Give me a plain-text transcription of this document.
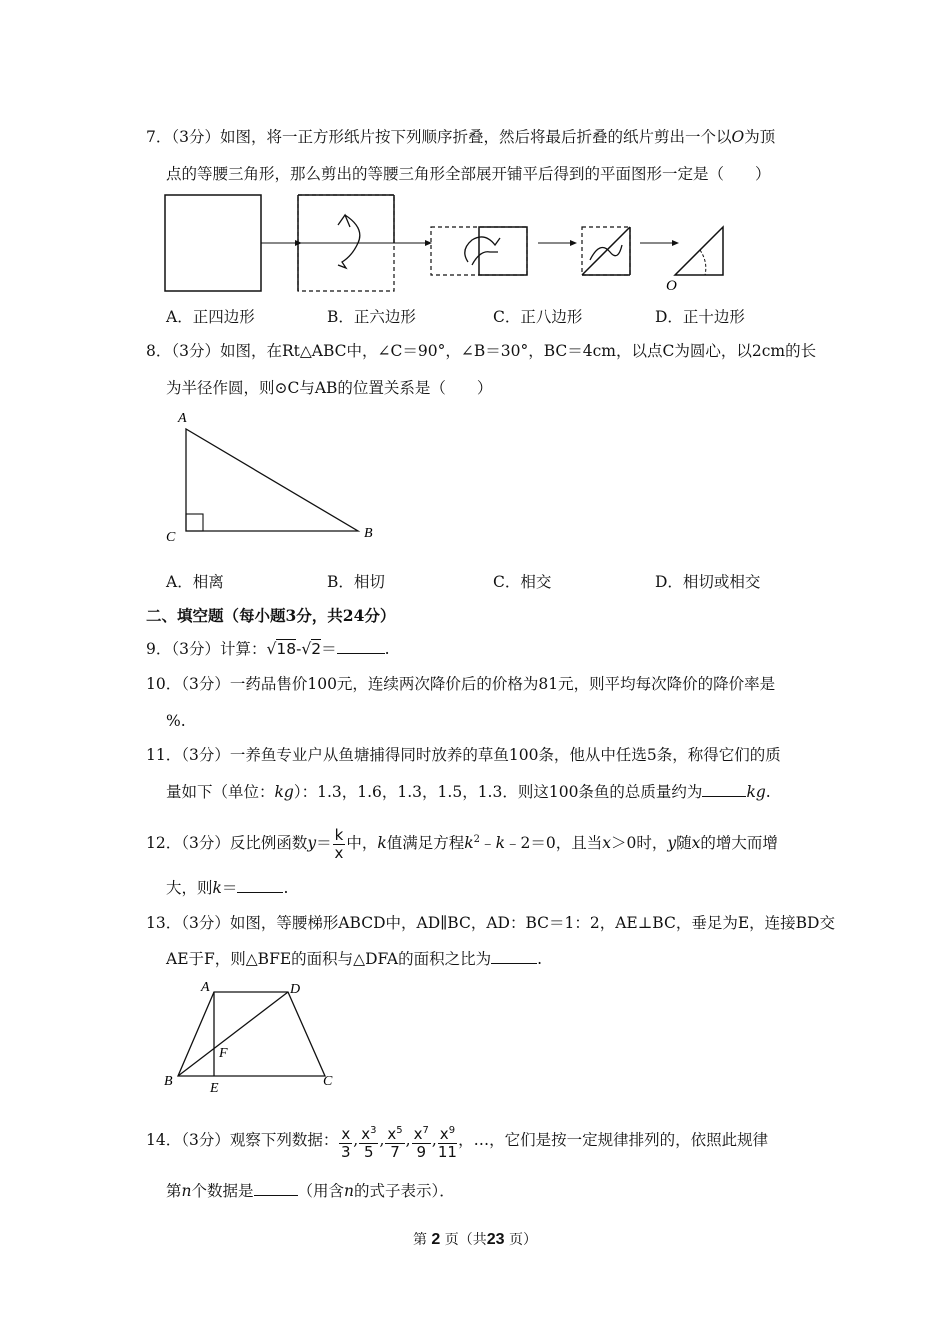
7．（3分）如图，将一正方形纸片按下列顺序折叠，然后将最后折叠的纸片剪出一个以O为顶
点的等腰三角形，那么剪出的等腰三角形全部展开铺平后得到的平面图形一定是（　　）
O
A．正四边形	B．正六边形	C．正八边形	D．正十边形
8．（3分）如图，在Rt△ABC中，∠C＝90°，∠B＝30°，BC＝4cm，以点C为圆心，以2cm的长
为半径作圆，则⊙C与AB的位置关系是（　　）
A
B
C
A．相离	B．相切	C．相交	D．相切或相交
二、填空题（每小题3分，共24分）
9．（3分）计算：√18-√2＝	.
10．（3分）一药品售价100元，连续两次降价后的价格为81元，则平均每次降价的降价率是
%.
11．（3分）一养鱼专业户从鱼塘捕得同时放养的草鱼100条，他从中任选5条，称得它们的质
量如下（单位：kg）：1.3，1.6，1.3，1.5，1.3．则这100条鱼的总质量约为	kg.
12．（3分）反比例函数$y= \frac{k}{x}$ 中，k值满足方程$k^2﹣k﹣2=0$，且当x＞0时，y随x的增大而增
大，则k＝	.
13．（3分）如图，等腰梯形ABCD中，AD∥BC，AD：BC＝1：2，AE⊥BC，垂足为E，连接BD交
AE于F，则△BFE的面积与△DFA的面积之比为	.
A
B	C
D
E
F
14．（3分）观察下列数据： $\frac{x}{3}$ , $\frac{x^3}{5}$ , $\frac{x^5}{7}$ , $\frac{x^7}{9}$ , $\frac{x^9}{11}$ ，…，它们是按一定规律排列的，依照此规律
第n个数据是	（用含n的式子表示）．
第 2 页（共23 页）
